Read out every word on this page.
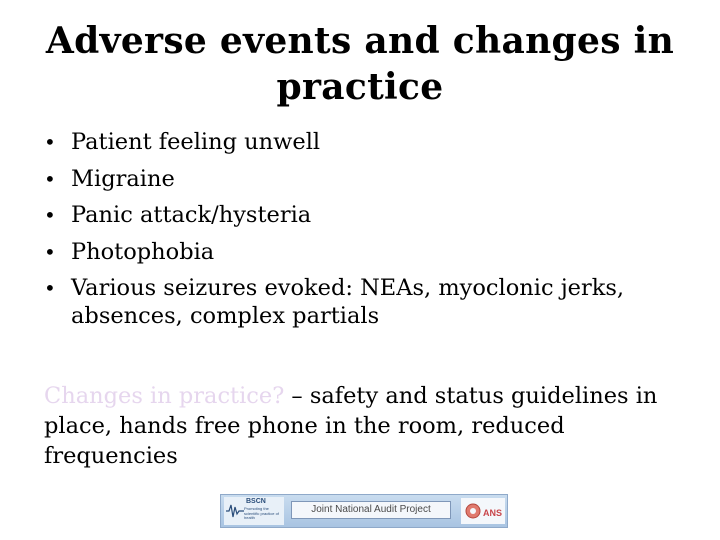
Adverse events and changes in practice
• Patient feeling unwell
• Migraine
• Panic attack/hysteria
• Photophobia
• Various seizures evoked: NEAs, myoclonic jerks, absences, complex partials
Changes in practice? – safety and status guidelines in place, hands free phone in the room, reduced frequencies
BSCN
Promoting the scientific practice of health
Joint National Audit Project	ANS
